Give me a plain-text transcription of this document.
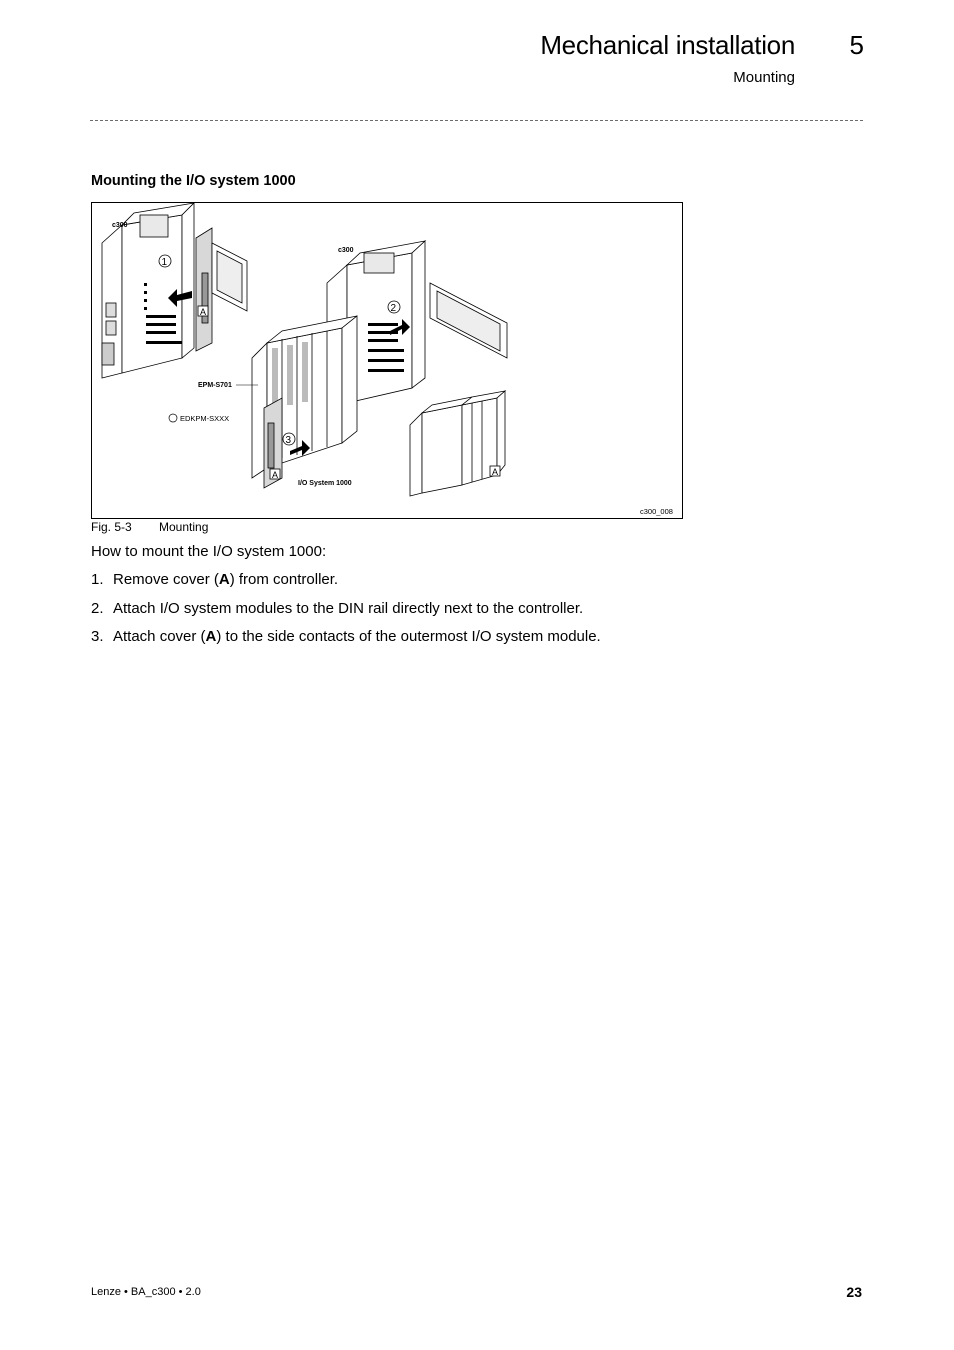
Mechanical installation	5
Mounting
Mounting the I/O system 1000
A
1
c300
2
c300
EPM-S701
EDKPM-SXXX
A
3
I/O System 1000
A
c300_008
Fig. 5-3 Mounting
How to mount the I/O system 1000:
1. Remove cover (A) from controller.
2. Attach I/O system modules to the DIN rail directly next to the controller.
3. Attach cover (A) to the side contacts of the outermost I/O system module.
Lenze • BA_c300 • 2.0	23
